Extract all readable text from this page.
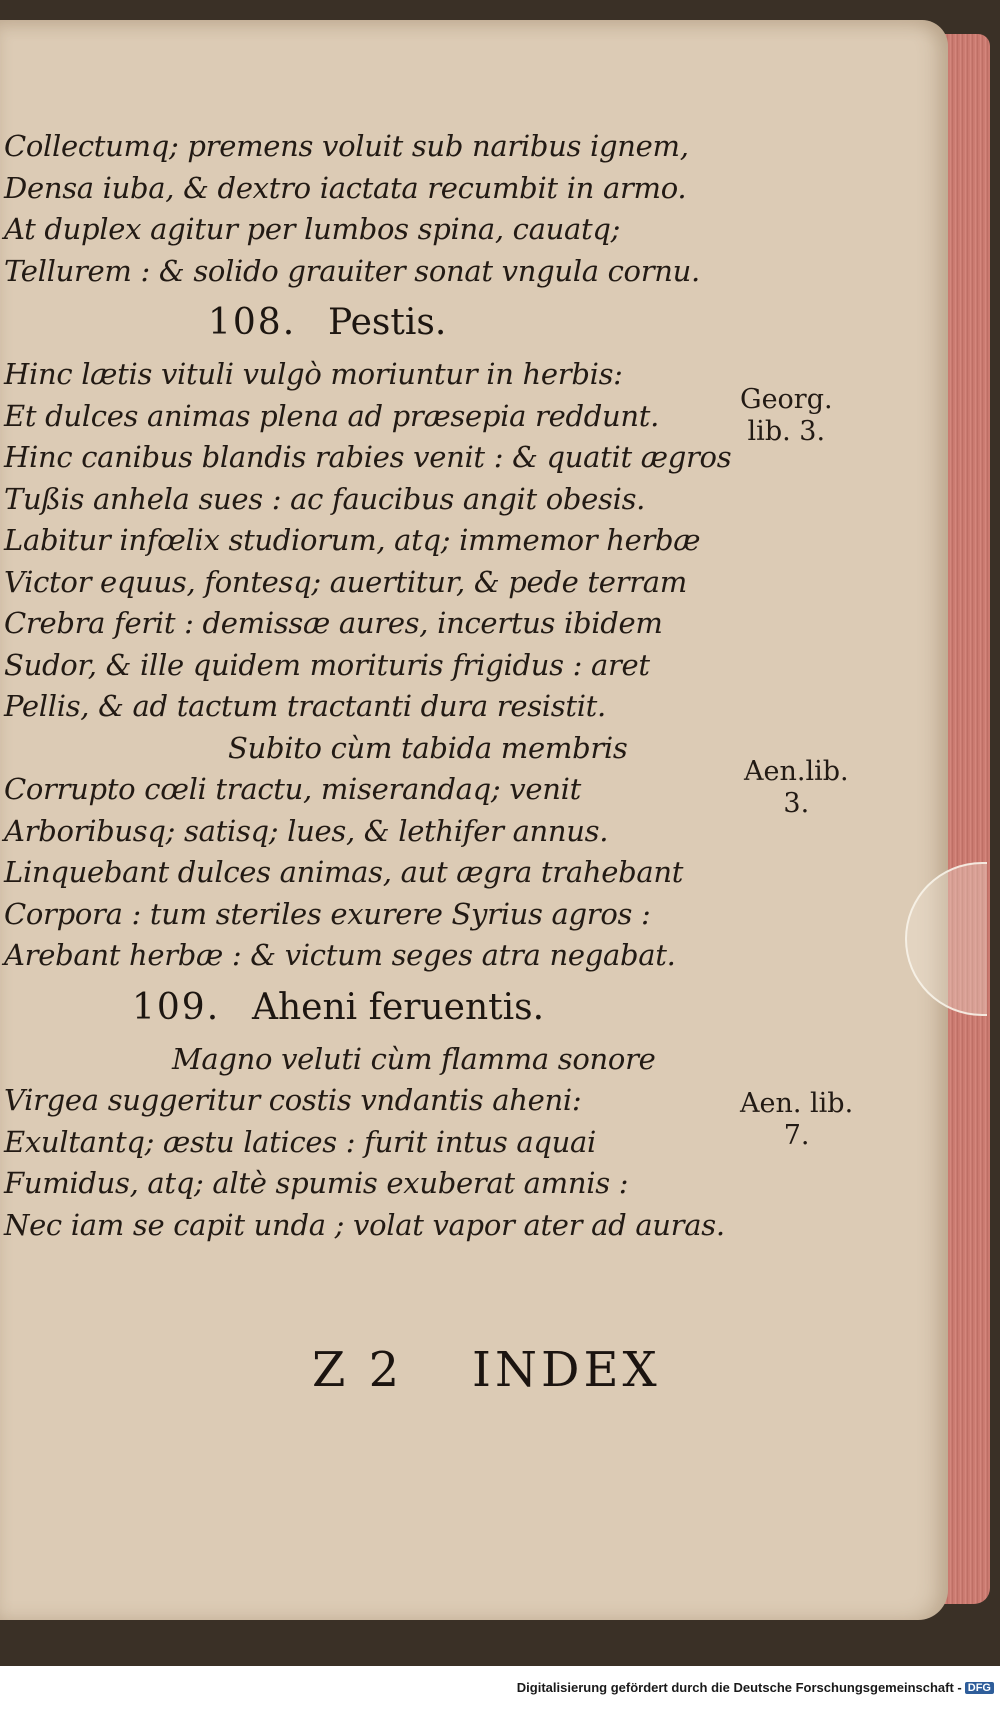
Collectumq; premens voluit sub naribus ignem,
Densa iuba, & dextro iactata recumbit in armo.
At duplex agitur per lumbos spina, cauatq;
Tellurem : & solido grauiter sonat vngula cornu.
108. Pestis.
Hinc lætis vituli vulgò moriuntur in herbis:
Et dulces animas plena ad præsepia reddunt.
Hinc canibus blandis rabies venit : & quatit ægros
Tußis anhela sues : ac faucibus angit obesis.
Labitur infœlix studiorum, atq; immemor herbæ
Victor equus, fontesq; auertitur, & pede terram
Crebra ferit : demissæ aures, incertus ibidem
Sudor, & ille quidem morituris frigidus : aret
Pellis, & ad tactum tractanti dura resistit.
Subito cùm tabida membris
Corrupto cœli tractu, miserandaq; venit
Arboribusq; satisq; lues, & lethifer annus.
Linquebant dulces animas, aut ægra trahebant
Corpora : tum steriles exurere Syrius agros :
Arebant herbæ : & victum seges atra negabat.
109. Aheni feruentis.
Magno veluti cùm flamma sonore
Virgea suggeritur costis vndantis aheni:
Exultantq; æstu latices : furit intus aquai
Fumidus, atq; altè spumis exuberat amnis :
Nec iam se capit unda ; volat vapor ater ad auras.
Georg.
lib. 3.
Aen.lib.
3.
Aen. lib.
7.
Z 2 INDEX
Digitalisierung gefördert durch die Deutsche Forschungsgemeinschaft - DFG
